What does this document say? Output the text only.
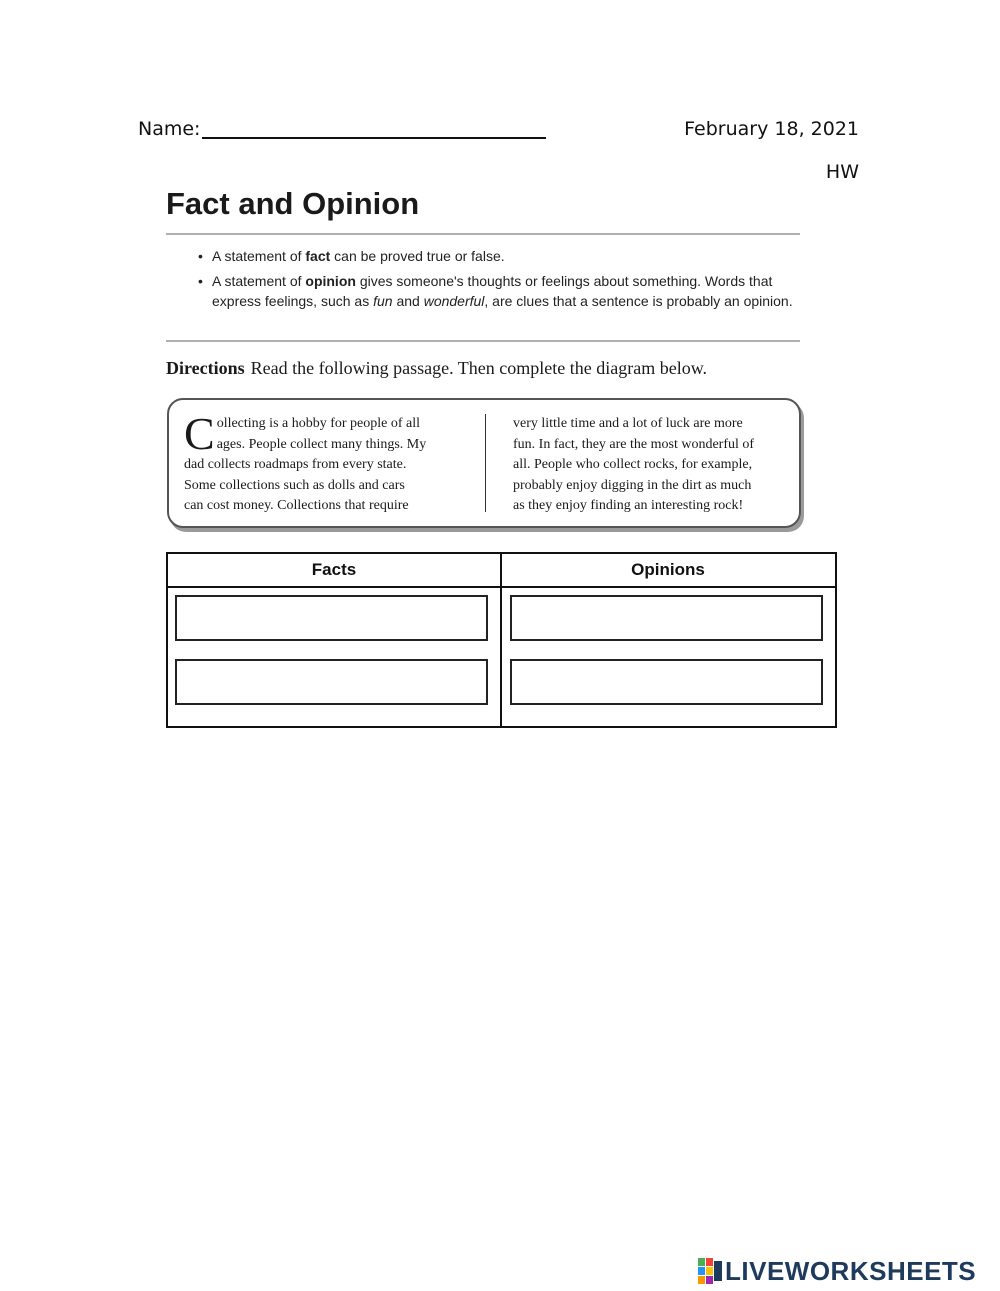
Name:	February 18, 2021
HW
Fact and Opinion
• A statement of fact can be proved true or false.
• A statement of opinion gives someone's thoughts or feelings about something. Words that express feelings, such as fun and wonderful, are clues that a sentence is probably an opinion.
Directions Read the following passage. Then complete the diagram below.
C ollecting is a hobby for people of all
ages. People collect many things. My
dad collects roadmaps from every state.
Some collections such as dolls and cars
can cost money. Collections that require
very little time and a lot of luck are more
fun. In fact, they are the most wonderful of
all. People who collect rocks, for example,
probably enjoy digging in the dirt as much
as they enjoy finding an interesting rock!
Facts	Opinions
LIVEWORKSHEETS
